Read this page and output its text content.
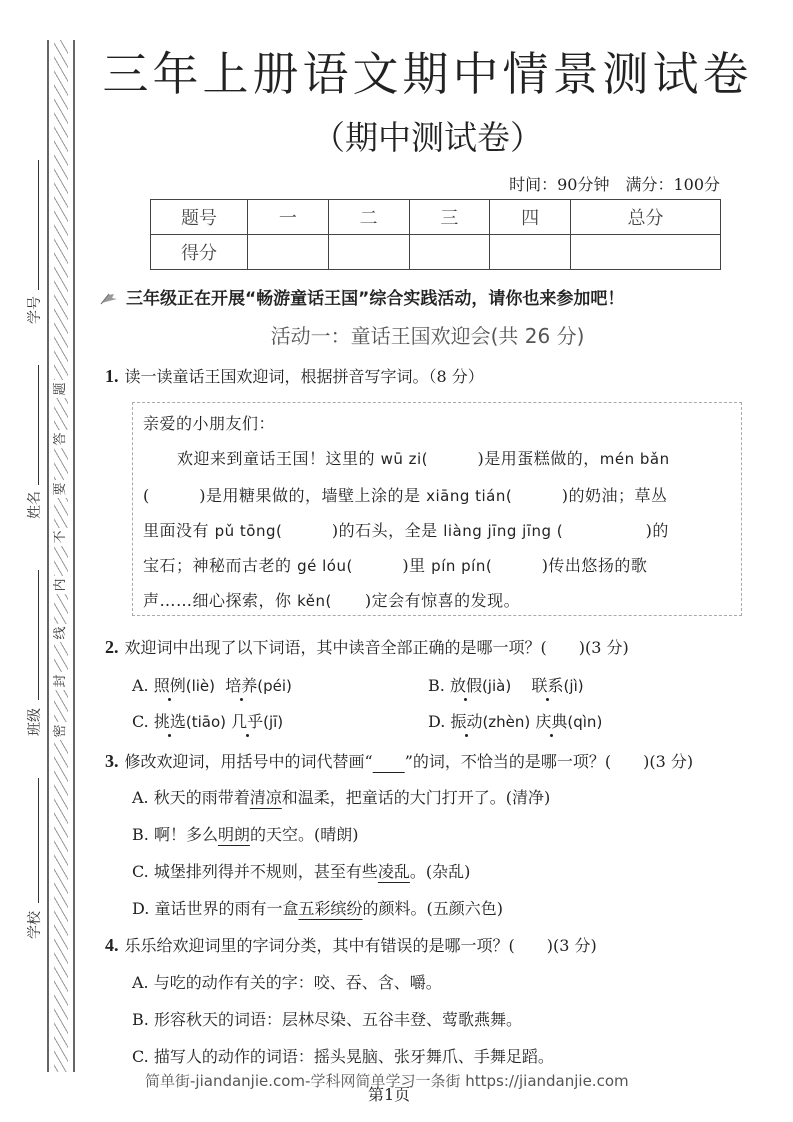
题
答
要
不
内
线
封
密
学号
姓名
班级
学校
三年上册语文期中情景测试卷
（期中测试卷）
时间：90分钟　满分：100分
题号	一	二	三	四	总分
得分					
三年级正在开展“畅游童话王国”综合实践活动，请你也来参加吧！
活动一：童话王国欢迎会(共 26 分)
1. 读一读童话王国欢迎词，根据拼音写字词。（8 分）
亲爱的小朋友们：
欢迎来到童话王国！这里的 wū zi(　　　)是用蛋糕做的，mén bǎn
(　　　)是用糖果做的，墙壁上涂的是 xiāng tián(　　　)的奶油；草丛
里面没有 pǔ tōng(　　　)的石头，全是 liàng jīng jīng (　　　　　)的
宝石；神秘而古老的 gé lóu(　　　)里 pín pín(　　　)传出悠扬的歌
声……细心探索，你 kěn(　　)定会有惊喜的发现。
2. 欢迎词中出现了以下词语，其中读音全部正确的是哪一项？(　　)(3 分)
A. 照例(liè) 培养(péi)	B. 放假(jià) 联系(jì)
C. 挑选(tiāo) 几乎(jī)	D. 振动(zhèn) 庆典(qìn)
3. 修改欢迎词，用括号中的词代替画“　　 ”的词，不恰当的是哪一项？(　　)(3 分)
A. 秋天的雨带着清凉和温柔，把童话的大门打开了。(清净)
B. 啊！多么明朗的天空。(晴朗)
C. 城堡排列得并不规则，甚至有些凌乱。(杂乱)
D. 童话世界的雨有一盒五彩缤纷的颜料。(五颜六色)
4. 乐乐给欢迎词里的字词分类，其中有错误的是哪一项？(　　)(3 分)
A. 与吃的动作有关的字：咬、吞、含、嚼。
B. 形容秋天的词语：层林尽染、五谷丰登、莺歌燕舞。
C. 描写人的动作的词语：摇头晃脑、张牙舞爪、手舞足蹈。
简单街-jiandanjie.com-学科网简单学习一条街 https://jiandanjie.com
第1页
